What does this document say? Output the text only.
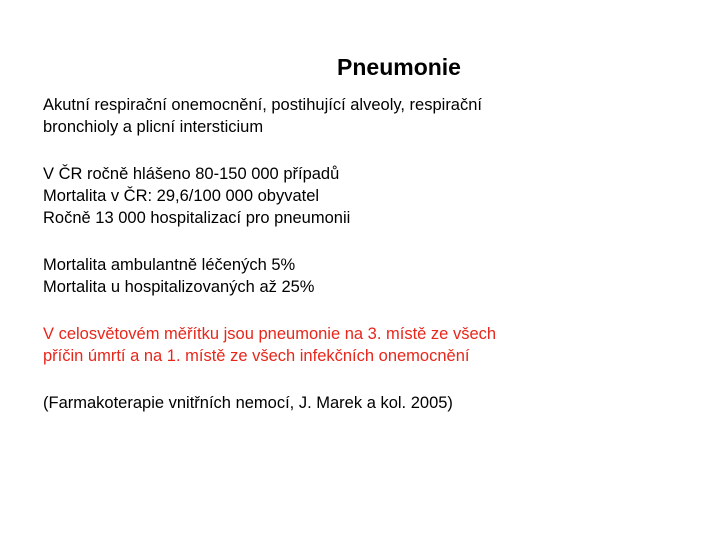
Pneumonie
Akutní respirační onemocnění, postihující alveoly, respirační
bronchioly a plicní intersticium
V ČR ročně hlášeno 80-150 000 případů
Mortalita v ČR: 29,6/100 000 obyvatel
Ročně 13 000 hospitalizací pro pneumonii
Mortalita ambulantně léčených 5%
Mortalita u hospitalizovaných až 25%
V celosvětovém měřítku jsou pneumonie na 3. místě ze všech
příčin úmrtí a na 1. místě ze všech infekčních onemocnění
(Farmakoterapie vnitřních nemocí, J. Marek a kol. 2005)
